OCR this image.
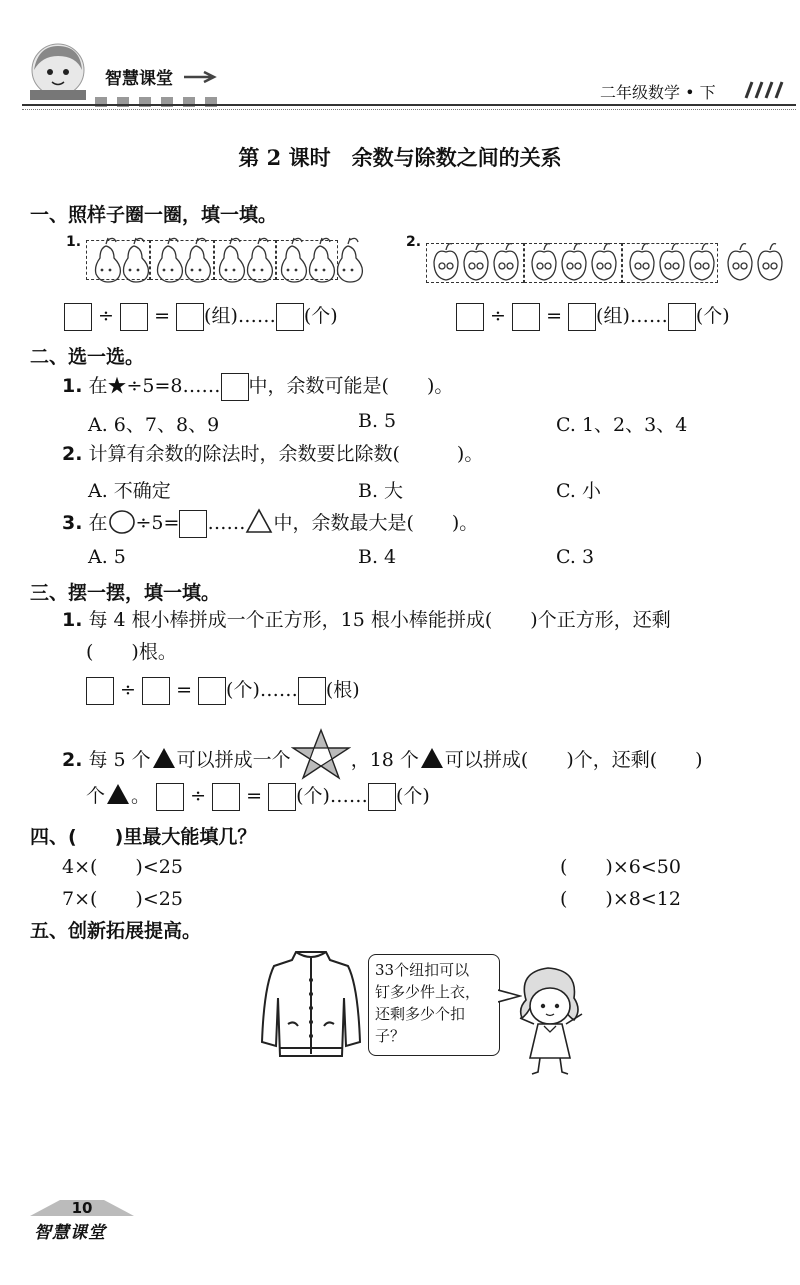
智慧课堂
二年级数学 • 下
第 2 课时　余数与除数之间的关系
一、照样子圈一圈，填一填。
1.	2.
÷ = (组)…… (个)	÷ = (组)…… (个)
二、选一选。
1. 在★÷5=8…… 中，余数可能是(　　)。
A. 6、7、8、9	B. 5	C. 1、2、3、4
2. 计算有余数的除法时，余数要比除数(　　　)。
A. 不确定	B. 大	C. 小
3. 在 ÷5= …… 中，余数最大是(　　)。
A. 5	B. 4	C. 3
三、摆一摆，填一填。
1. 每 4 根小棒拼成一个正方形，15 根小棒能拼成(　　)个正方形，还剩
(　　)根。
÷ = (个)…… (根)
2. 每 5 个 可以拼成一个	，18 个 可以拼成(　　)个，还剩(　　)
个 。 ÷ = (个)…… (个)
四、(　　)里最大能填几？
4×(　　)<25	(　　)×6<50
7×(　　)<25	(　　)×8<12
五、创新拓展提高。
33个纽扣可以
钉多少件上衣，
还剩多少个扣
子？
10
智慧课堂
